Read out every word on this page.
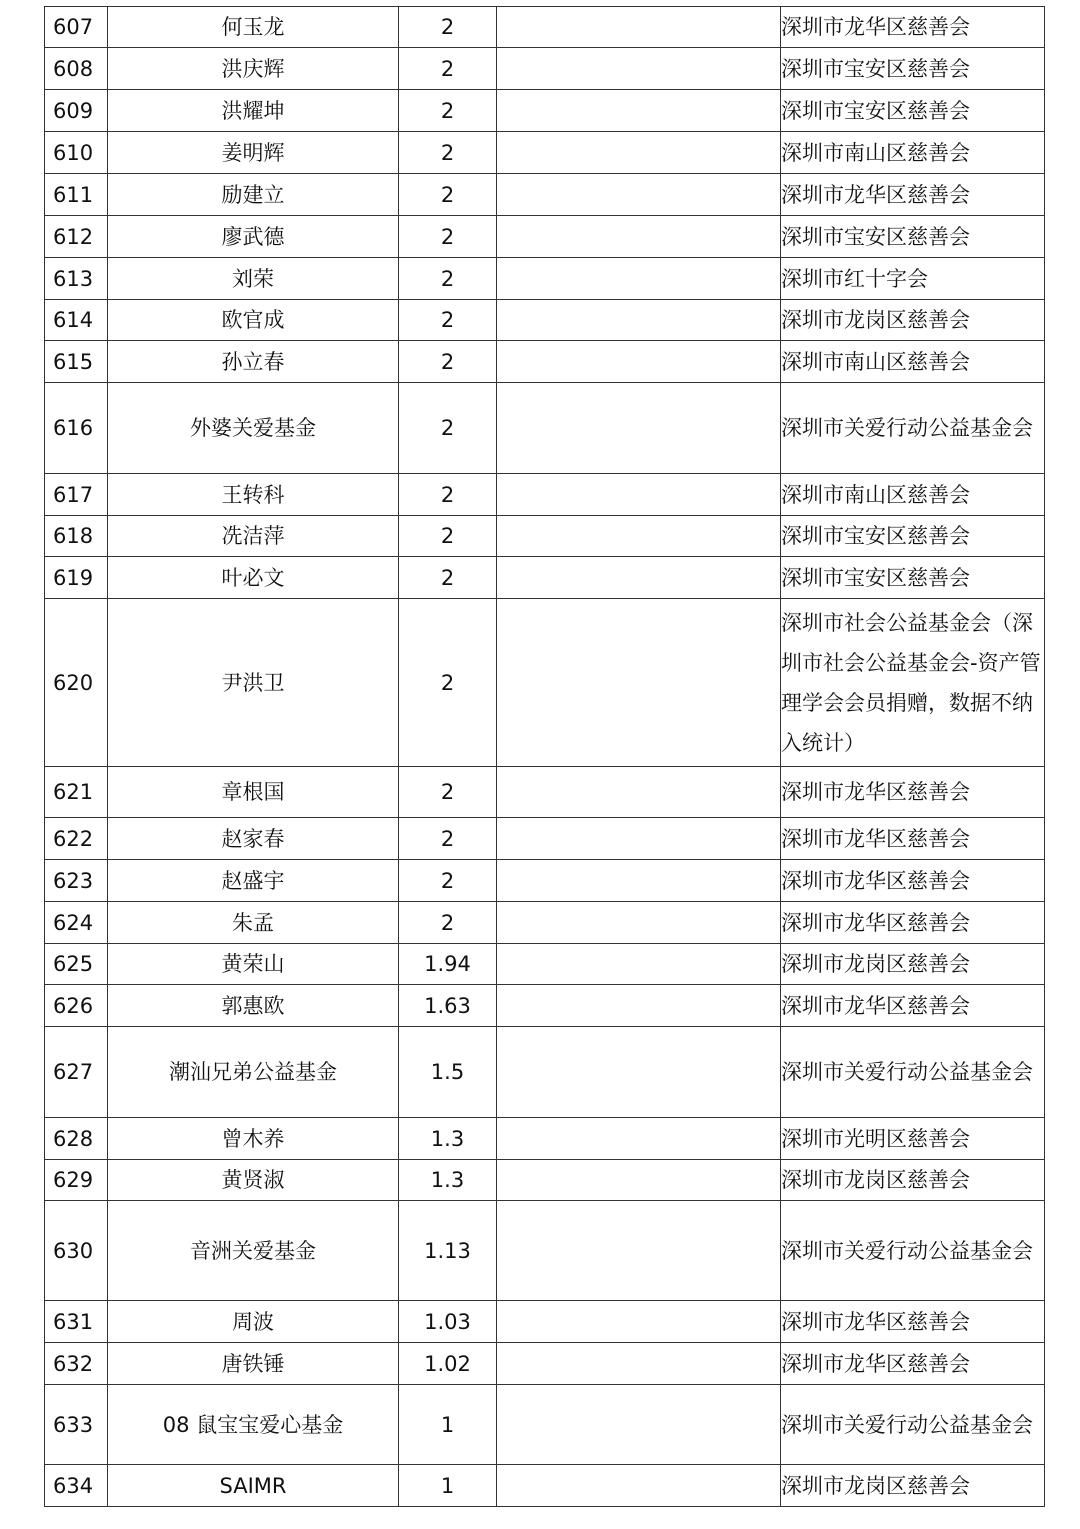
607	何玉龙	2		深圳市龙华区慈善会
608	洪庆辉	2		深圳市宝安区慈善会
609	洪耀坤	2		深圳市宝安区慈善会
610	姜明辉	2		深圳市南山区慈善会
611	励建立	2		深圳市龙华区慈善会
612	廖武德	2		深圳市宝安区慈善会
613	刘荣	2		深圳市红十字会
614	欧官成	2		深圳市龙岗区慈善会
615	孙立春	2		深圳市南山区慈善会
616	外婆关爱基金	2		深圳市关爱行动公益基金会
617	王转科	2		深圳市南山区慈善会
618	冼洁萍	2		深圳市宝安区慈善会
619	叶必文	2		深圳市宝安区慈善会
620	尹洪卫	2		深圳市社会公益基金会（深圳市社会公益基金会-资产管理学会会员捐赠，数据不纳入统计）
621	章根国	2		深圳市龙华区慈善会
622	赵家春	2		深圳市龙华区慈善会
623	赵盛宇	2		深圳市龙华区慈善会
624	朱孟	2		深圳市龙华区慈善会
625	黄荣山	1.94		深圳市龙岗区慈善会
626	郭惠欧	1.63		深圳市龙华区慈善会
627	潮汕兄弟公益基金	1.5		深圳市关爱行动公益基金会
628	曾木养	1.3		深圳市光明区慈善会
629	黄贤淑	1.3		深圳市龙岗区慈善会
630	音洲关爱基金	1.13		深圳市关爱行动公益基金会
631	周波	1.03		深圳市龙华区慈善会
632	唐铁锤	1.02		深圳市龙华区慈善会
633	08 鼠宝宝爱心基金	1		深圳市关爱行动公益基金会
634	SAIMR	1		深圳市龙岗区慈善会
